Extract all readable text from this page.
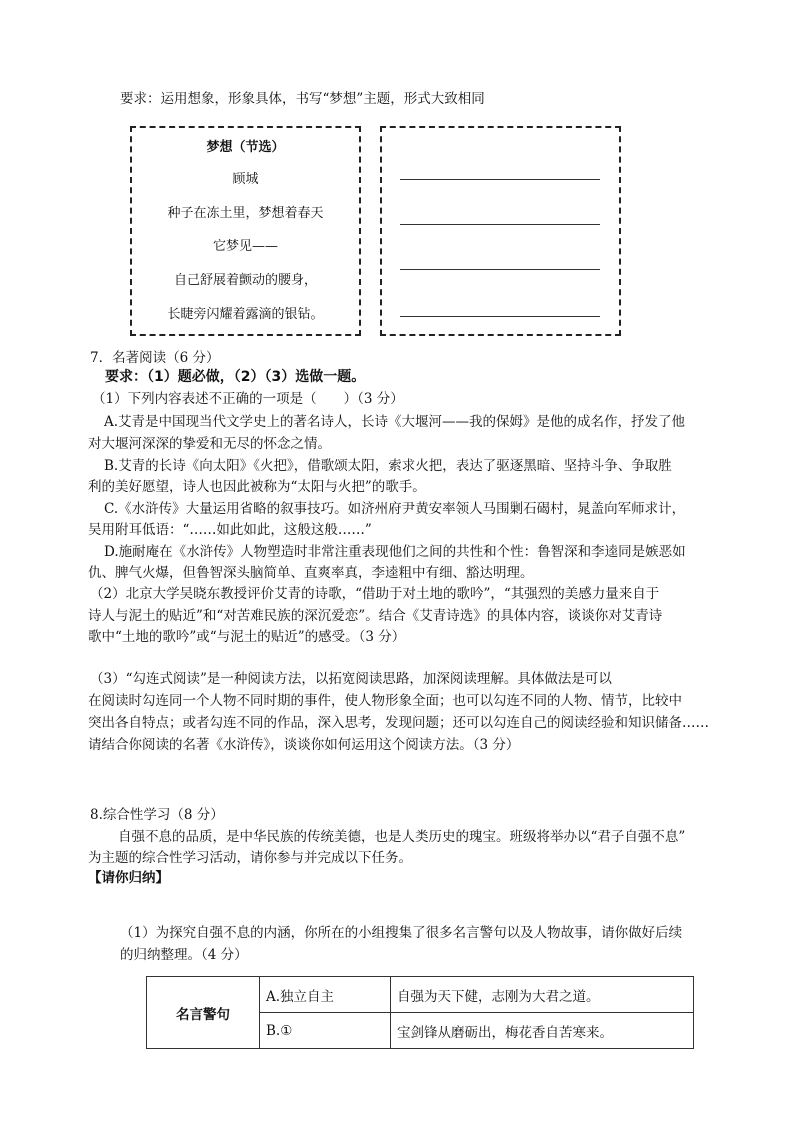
要求：运用想象，形象具体，书写“梦想”主题，形式大致相同
梦想（节选）
顾城
种子在冻土里，梦想着春天
它梦见——
自己舒展着颤动的腰身，
长睫旁闪耀着露滴的银钻。
7．名著阅读（6 分）
要求：（1）题必做，（2）（3）选做一题。
（1）下列内容表述不正确的一项是（　　）（3 分）
A.艾青是中国现当代文学史上的著名诗人，长诗《大堰河——我的保姆》是他的成名作，抒发了他
对大堰河深深的挚爱和无尽的怀念之情。
B.艾青的长诗《向太阳》《火把》，借歌颂太阳，索求火把，表达了驱逐黑暗、坚持斗争、争取胜
利的美好愿望，诗人也因此被称为“太阳与火把”的歌手。
C.《水浒传》大量运用省略的叙事技巧。如济州府尹黄安率领人马围剿石碣村，晁盖向军师求计，
吴用附耳低语：“……如此如此，这般这般……”
D.施耐庵在《水浒传》人物塑造时非常注重表现他们之间的共性和个性：鲁智深和李逵同是嫉恶如
仇、脾气火爆，但鲁智深头脑简单、直爽率真，李逵粗中有细、豁达明理。
（2）北京大学吴晓东教授评价艾青的诗歌，“借助于对土地的歌吟”，“其强烈的美感力量来自于
诗人与泥土的贴近”和“对苦难民族的深沉爱恋”。结合《艾青诗选》的具体内容，谈谈你对艾青诗
歌中“土地的歌吟”或“与泥土的贴近”的感受。（3 分）
（3）“勾连式阅读”是一种阅读方法，以拓宽阅读思路，加深阅读理解。具体做法是可以
在阅读时勾连同一个人物不同时期的事件，使人物形象全面；也可以勾连不同的人物、情节，比较中
突出各自特点；或者勾连不同的作品，深入思考，发现问题；还可以勾连自己的阅读经验和知识储备……
请结合你阅读的名著《水浒传》，谈谈你如何运用这个阅读方法。（3 分）
8.综合性学习（8 分）
自强不息的品质，是中华民族的传统美德，也是人类历史的瑰宝。班级将举办以“君子自强不息”
为主题的综合性学习活动，请你参与并完成以下任务。
【请你归纳】
（1）为探究自强不息的内涵，你所在的小组搜集了很多名言警句以及人物故事，请你做好后续
的归纳整理。（4 分）
名言警句	A.独立自主	自强为天下健，志刚为大君之道。
	B.①	宝剑锋从磨砺出，梅花香自苦寒来。
